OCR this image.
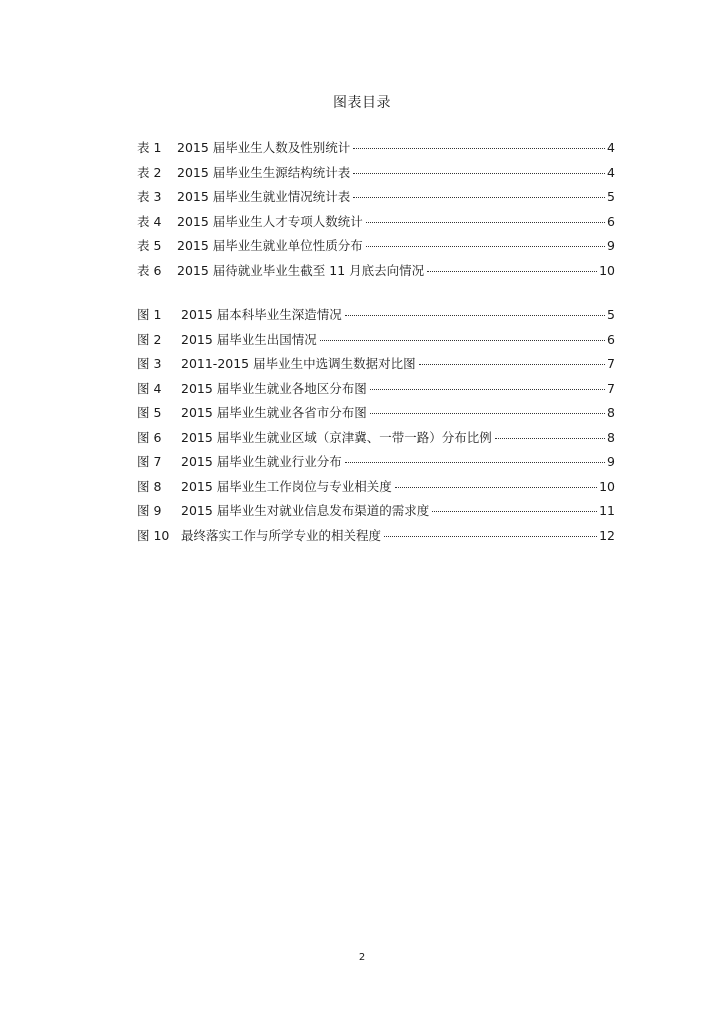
图表目录
表 1	2015 届毕业生人数及性别统计	4
表 2	2015 届毕业生生源结构统计表	4
表 3	2015 届毕业生就业情况统计表	5
表 4	2015 届毕业生人才专项人数统计	6
表 5	2015 届毕业生就业单位性质分布	9
表 6	2015 届待就业毕业生截至 11 月底去向情况	10
图 1	2015 届本科毕业生深造情况	5
图 2	2015 届毕业生出国情况	6
图 3	2011-2015 届毕业生中选调生数据对比图	7
图 4	2015 届毕业生就业各地区分布图	7
图 5	2015 届毕业生就业各省市分布图	8
图 6	2015 届毕业生就业区域（京津冀、一带一路）分布比例	8
图 7	2015 届毕业生就业行业分布	9
图 8	2015 届毕业生工作岗位与专业相关度	10
图 9	2015 届毕业生对就业信息发布渠道的需求度	11
图 10 最终落实工作与所学专业的相关程度	12
2
